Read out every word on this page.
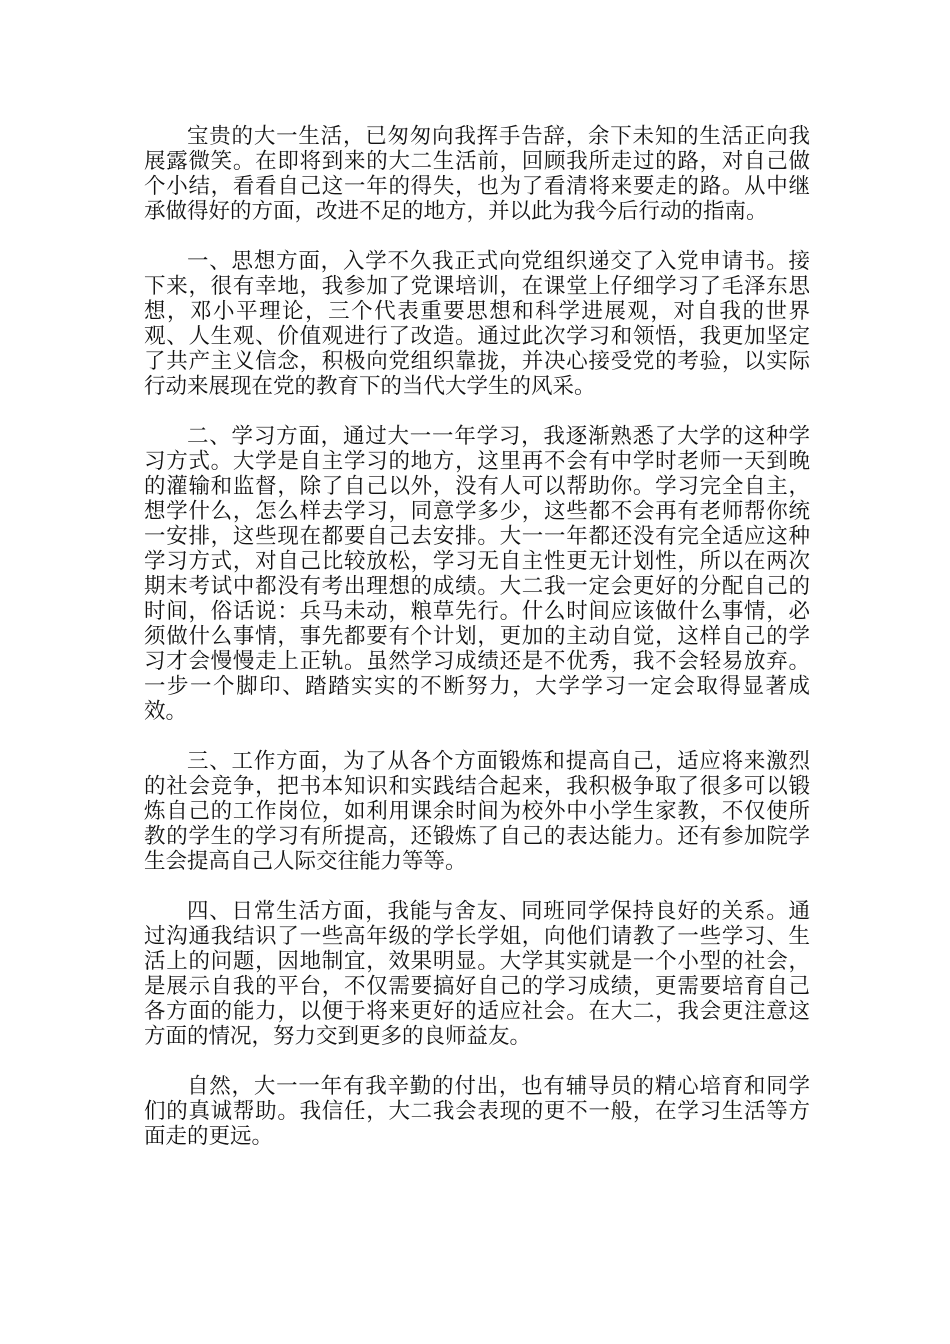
宝贵的大一生活，已匆匆向我挥手告辞，余下未知的生活正向我展露微笑。在即将到来的大二生活前，回顾我所走过的路，对自己做个小结，看看自己这一年的得失，也为了看清将来要走的路。从中继承做得好的方面，改进不足的地方，并以此为我今后行动的指南。

一、思想方面，入学不久我正式向党组织递交了入党申请书。接下来，很有幸地，我参加了党课培训，在课堂上仔细学习了毛泽东思想，邓小平理论，三个代表重要思想和科学进展观，对自我的世界观、人生观、价值观进行了改造。通过此次学习和领悟，我更加坚定了共产主义信念，积极向党组织靠拢，并决心接受党的考验，以实际行动来展现在党的教育下的当代大学生的风采。

二、学习方面，通过大一一年学习，我逐渐熟悉了大学的这种学习方式。大学是自主学习的地方，这里再不会有中学时老师一天到晚的灌输和监督，除了自己以外，没有人可以帮助你。学习完全自主，想学什么，怎么样去学习，同意学多少，这些都不会再有老师帮你统一安排，这些现在都要自己去安排。大一一年都还没有完全适应这种学习方式，对自己比较放松，学习无自主性更无计划性，所以在两次期末考试中都没有考出理想的成绩。大二我一定会更好的分配自己的时间，俗话说：兵马未动，粮草先行。什么时间应该做什么事情，必须做什么事情，事先都要有个计划，更加的主动自觉，这样自己的学习才会慢慢走上正轨。虽然学习成绩还是不优秀，我不会轻易放弃。一步一个脚印、踏踏实实的不断努力，大学学习一定会取得显著成效。

三、工作方面，为了从各个方面锻炼和提高自己，适应将来激烈的社会竞争，把书本知识和实践结合起来，我积极争取了很多可以锻炼自己的工作岗位，如利用课余时间为校外中小学生家教，不仅使所教的学生的学习有所提高，还锻炼了自己的表达能力。还有参加院学生会提高自己人际交往能力等等。

四、日常生活方面，我能与舍友、同班同学保持良好的关系。通过沟通我结识了一些高年级的学长学姐，向他们请教了一些学习、生活上的问题，因地制宜，效果明显。大学其实就是一个小型的社会，是展示自我的平台，不仅需要搞好自己的学习成绩，更需要培育自己各方面的能力，以便于将来更好的适应社会。在大二，我会更注意这方面的情况，努力交到更多的良师益友。

自然，大一一年有我辛勤的付出，也有辅导员的精心培育和同学们的真诚帮助。我信任，大二我会表现的更不一般，在学习生活等方面走的更远。
